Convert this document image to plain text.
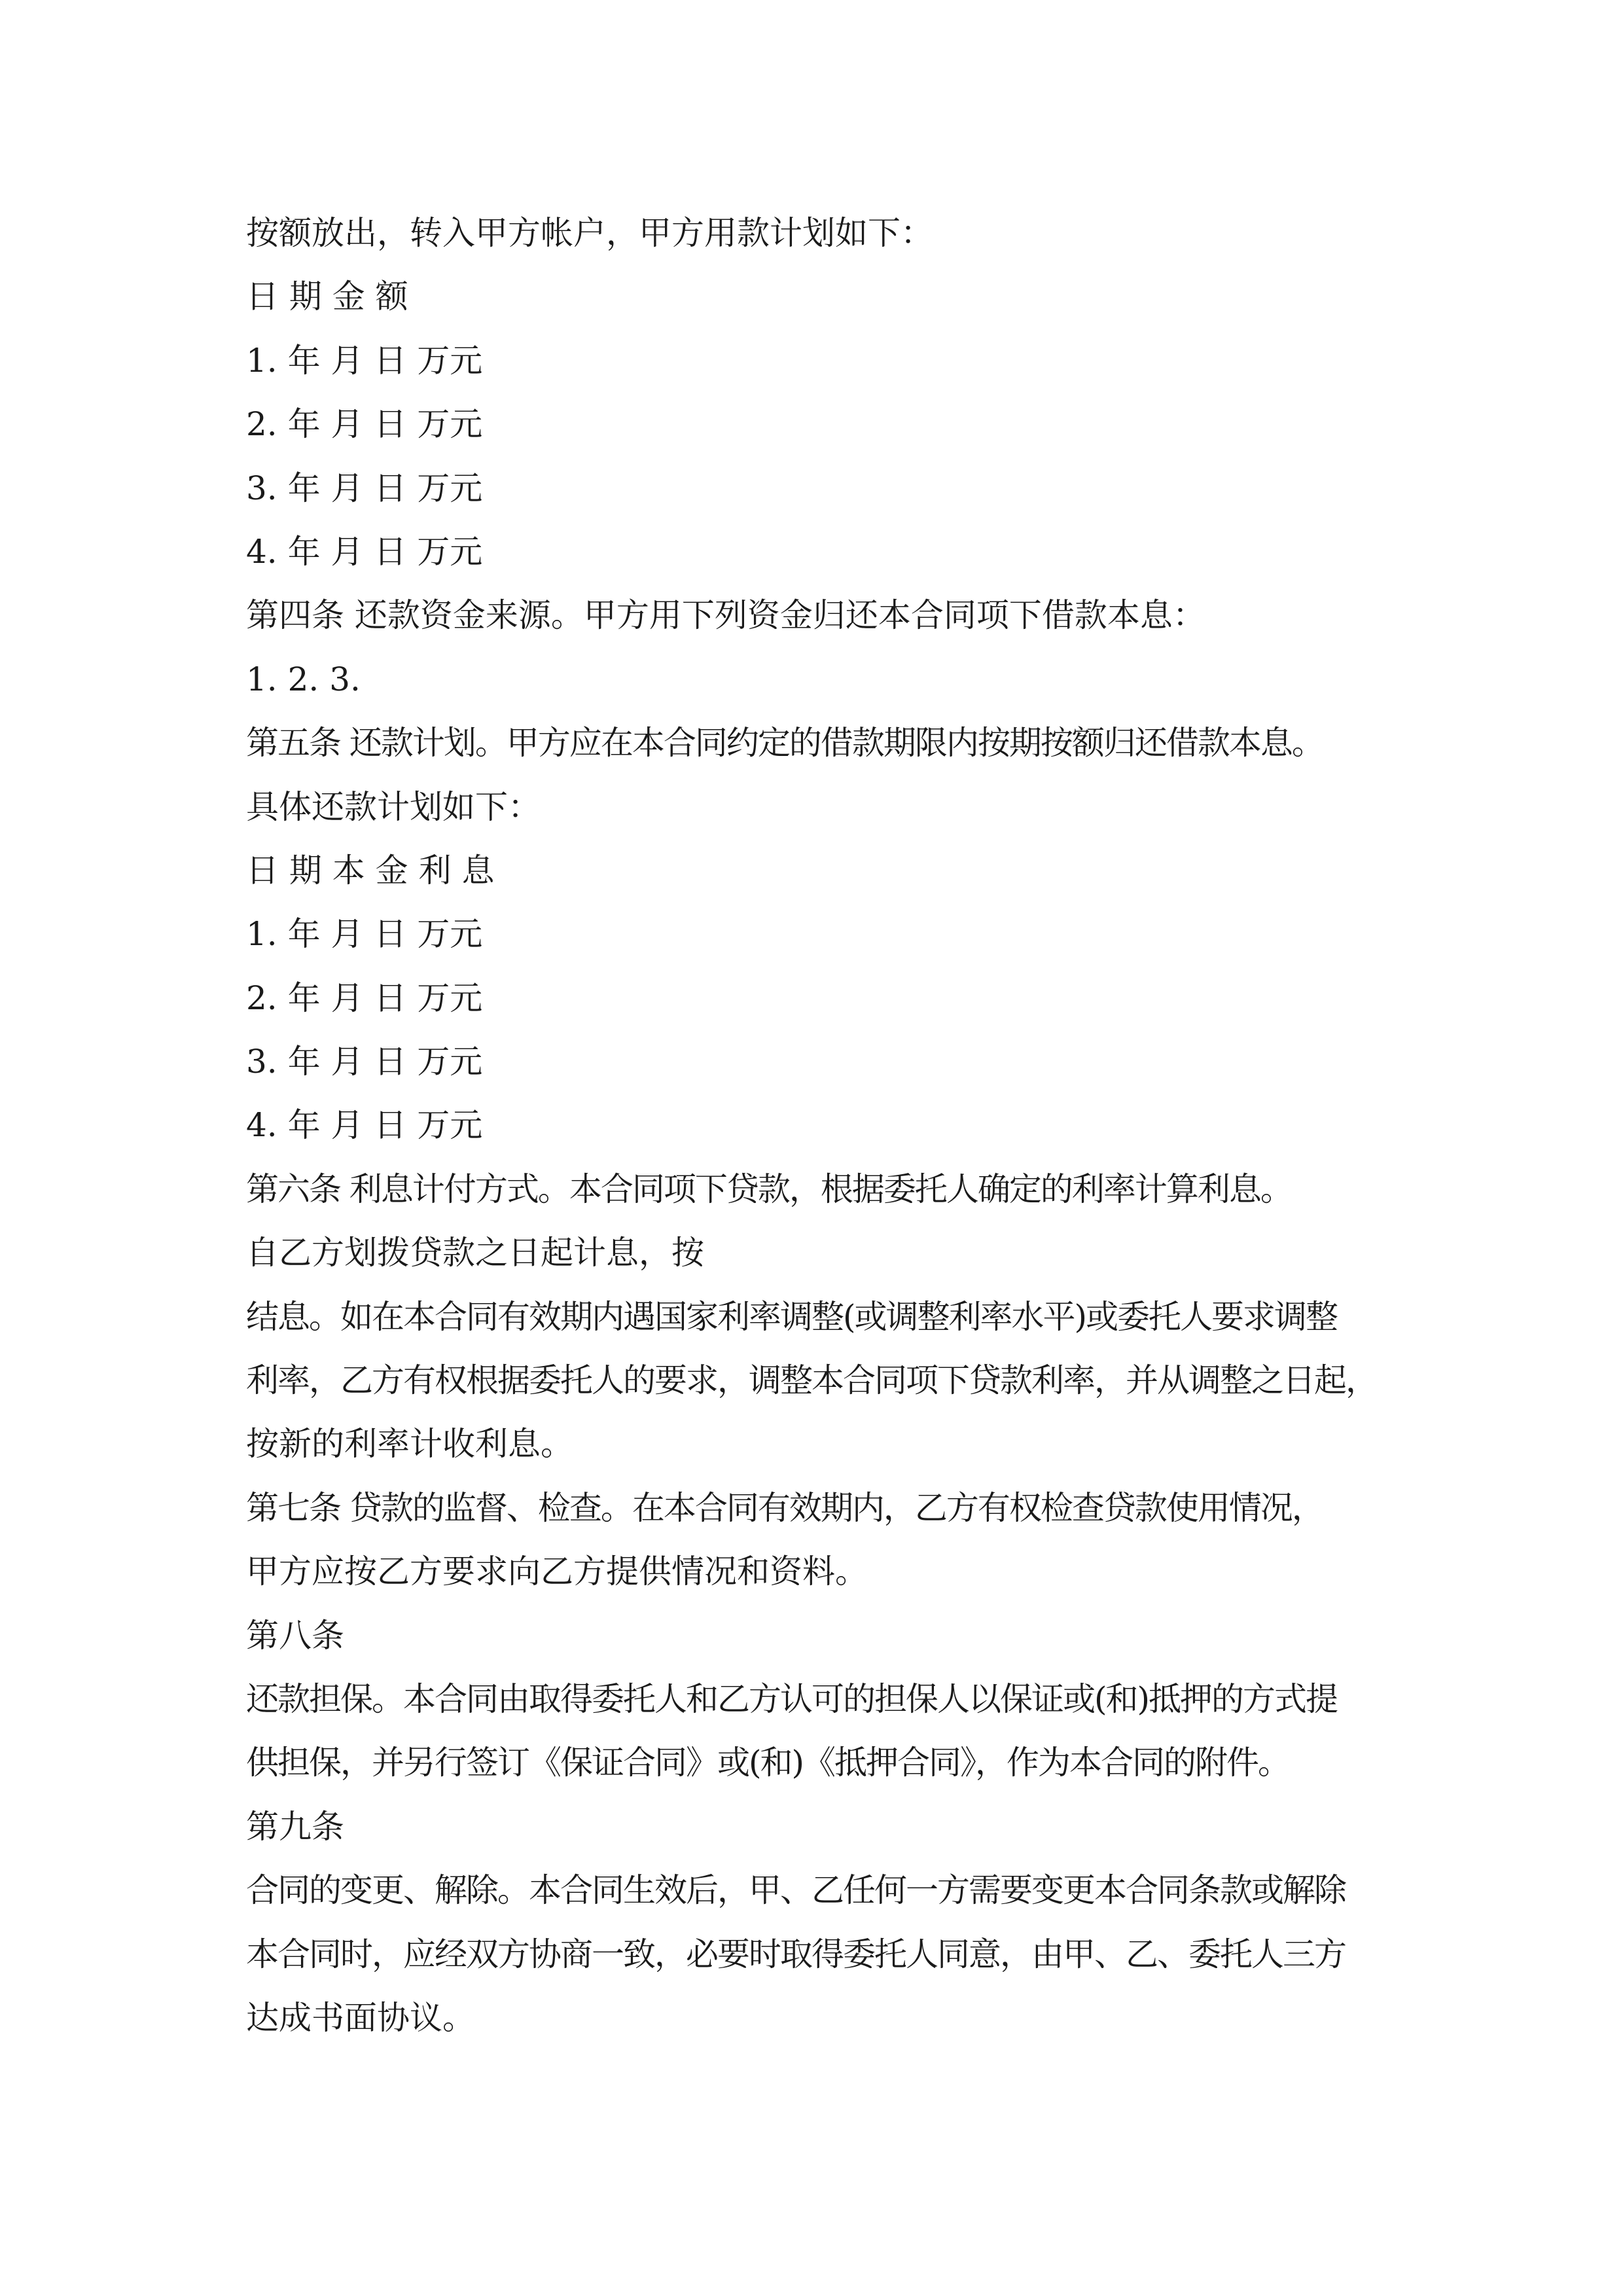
按额放出，转入甲方帐户，甲方用款计划如下：
日 期 金 额
1. 年 月 日 万元
2. 年 月 日 万元
3. 年 月 日 万元
4. 年 月 日 万元
第四条 还款资金来源。甲方用下列资金归还本合同项下借款本息：
1. 2. 3.
第五条 还款计划。甲方应在本合同约定的借款期限内按期按额归还借款本息。
具体还款计划如下：
日 期 本 金 利 息
1. 年 月 日 万元
2. 年 月 日 万元
3. 年 月 日 万元
4. 年 月 日 万元
第六条 利息计付方式。本合同项下贷款，根据委托人确定的利率计算利息。
自乙方划拨贷款之日起计息，按
结息。如在本合同有效期内遇国家利率调整(或调整利率水平)或委托人要求调整
利率，乙方有权根据委托人的要求，调整本合同项下贷款利率，并从调整之日起，
按新的利率计收利息。
第七条 贷款的监督、检查。在本合同有效期内，乙方有权检查贷款使用情况，
甲方应按乙方要求向乙方提供情况和资料。
第八条
还款担保。本合同由取得委托人和乙方认可的担保人以保证或(和)抵押的方式提
供担保，并另行签订《保证合同》或(和)《抵押合同》，作为本合同的附件。
第九条
合同的变更、解除。本合同生效后，甲、乙任何一方需要变更本合同条款或解除
本合同时，应经双方协商一致，必要时取得委托人同意，由甲、乙、委托人三方
达成书面协议。
